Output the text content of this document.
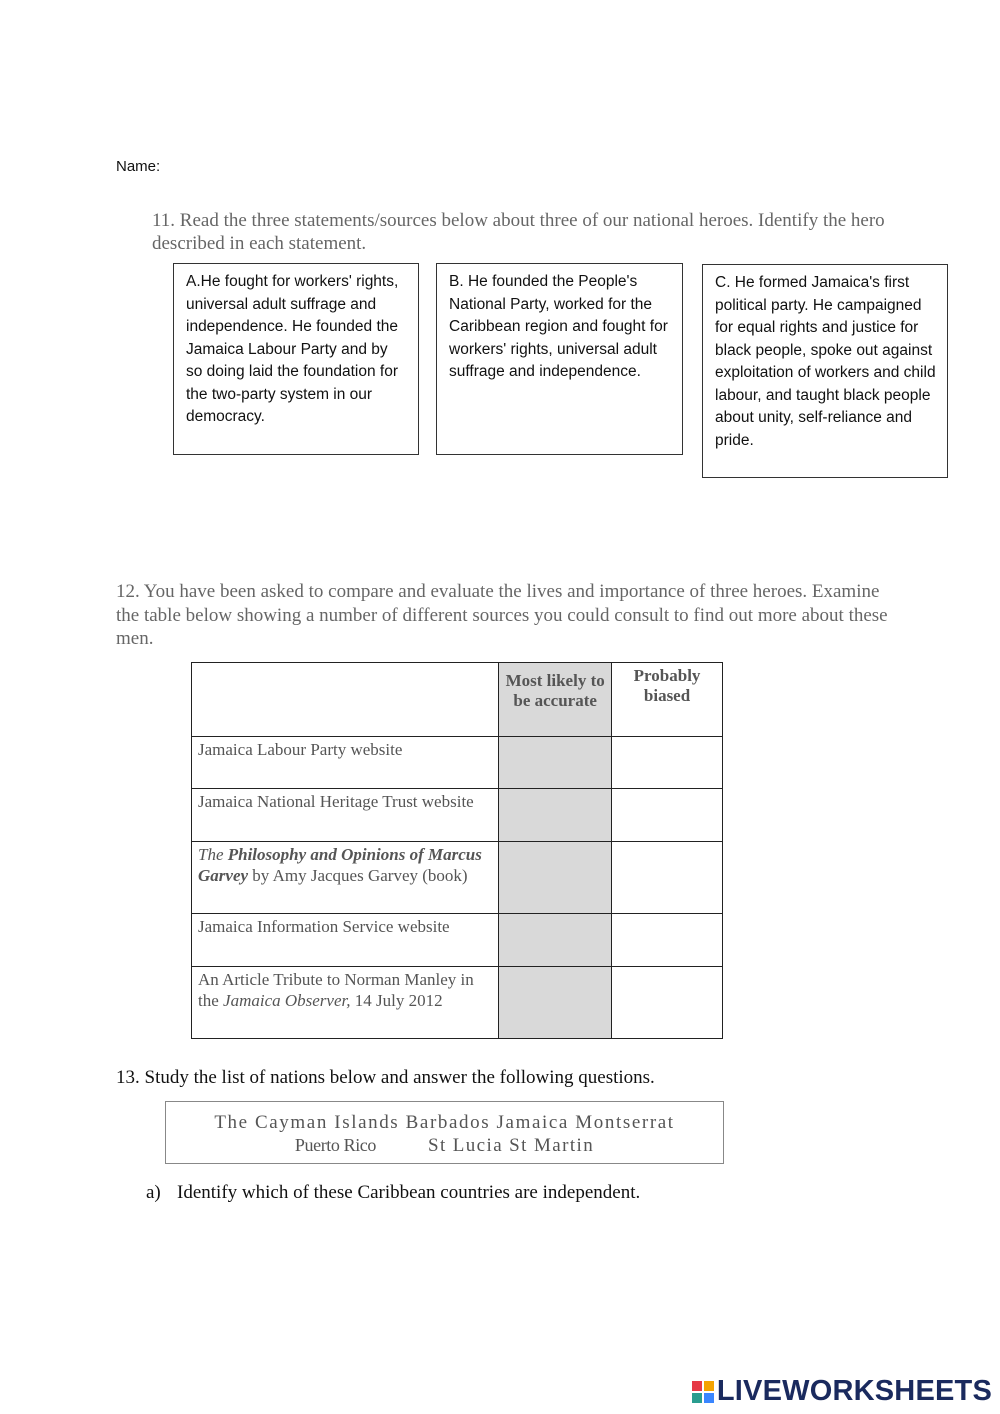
Name:
11. Read the three statements/sources below about three of our national heroes. Identify the hero described in each statement.
A.He fought for workers' rights, universal adult suffrage and independence. He founded the Jamaica Labour Party and by so doing laid the foundation for the two-party system in our democracy.
B. He founded the People's National Party, worked for the Caribbean region and fought for workers' rights, universal adult suffrage and independence.
C. He formed Jamaica's first political party. He campaigned for equal rights and justice for black people, spoke out against exploitation of workers and child labour, and taught black people about unity, self-reliance and pride.
12. You have been asked to compare and evaluate the lives and importance of three heroes. Examine the table below showing a number of different sources you could consult to find out more about these men.
	Most likely to be accurate	Probably biased
Jamaica Labour Party website		
Jamaica National Heritage Trust website		
The Philosophy and Opinions of Marcus Garvey by Amy Jacques Garvey (book)		
Jamaica Information Service website		
An Article Tribute to Norman Manley in the Jamaica Observer, 14 July 2012		
13. Study the list of nations below and answer the following questions.
The Cayman Islands Barbados Jamaica Montserrat
Puerto Rico	St Lucia St Martin
a) Identify which of these Caribbean countries are independent.
LIVEWORKSHEETS
